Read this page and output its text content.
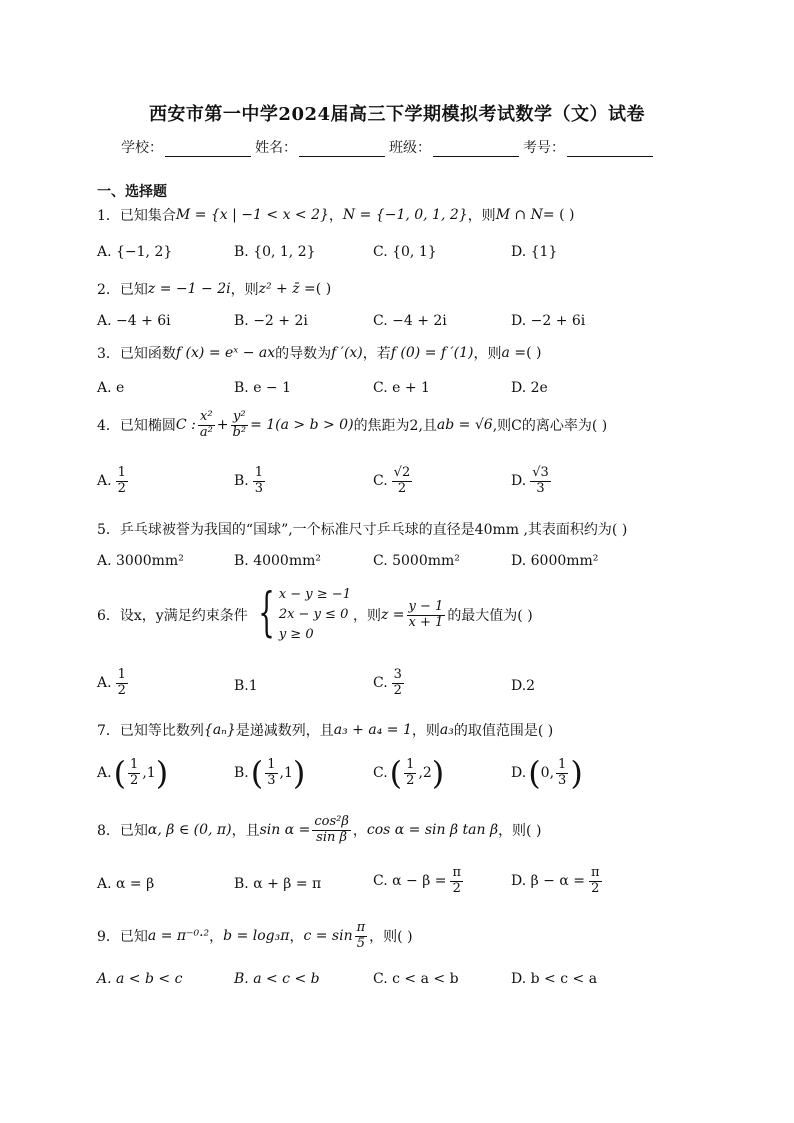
西安市第一中学2024届高三下学期模拟考试数学（文）试卷
学校：	姓名：	班级：	考号：
一、选择题
1．已知集合 M = {x | −1 < x < 2} ， N = {−1, 0, 1, 2} ，则 M ∩ N = ( )
A. {−1, 2}	B. {0, 1, 2}	C. {0, 1}	D. {1}
2．已知 z = −1 − 2i ，则 z² + z̄ = ( )
A. −4 + 6i	B. −2 + 2i	C. −4 + 2i	D. −2 + 6i
3．已知函数 f (x) = eˣ − ax 的导数为 f ′(x) ，若 f (0) = f ′(1) ，则 a = ( )
A. e	B. e − 1	C. e + 1	D. 2e
4．已知椭圆 C : $\frac{\text{x²}}{\text{a²}} + \frac{\text{y²}}{\text{b²}} = 1(a > b > 0)$ 的焦距为2,且 ab = √6 ,则C的离心率为( )
A. $\frac{1}{2}$	B. $\frac{1}{3}$	C. $\frac{√2}{2}$	D. $\frac{√3}{3}$
5．乒乓球被誉为我国的“国球”,一个标准尺寸乒乓球的直径是40mm ,其表面积约为( )
A. 3000mm²	B. 4000mm²	C. 5000mm²	D. 6000mm²
6．设x，y满足约束条件 { x − y ≥ −1
2x − y ≤ 0
y ≥ 0
，则 $z = \frac{y - 1}{x + 1}$ 的最大值为( )
A. $\frac{1}{2}$	B.1	C. $\frac{3}{2}$	D.2
7．已知等比数列 {aₙ} 是递减数列，且 a₃ + a₄ = 1 ，则 a₃ 的取值范围是( )
A. ( $\frac{1}{2} ,1$ )	B. ( $\frac{1}{3} ,1$ )	C. ( $\frac{1}{2} ,2$ )	D. ( 0, $\frac{1}{3}$ )
8．已知 α, β ∈ (0, π) ，且 $\sin \alpha = \frac{\text{cos²β}}{\text{sin β}}$ ， cos α = sin β tan β ，则( )
A. α = β	B. α + β = π	C. $\alpha - \beta = \frac{\pi}{2}$	D. $\beta - \alpha = \frac{\pi}{2}$
9．已知 a = π⁻⁰·² ， b = log₃π ， $c = \sin \frac{\pi}{5}$ ，则( )
A. a < b < c	B. a < c < b	C. c < a < b	D. b < c < a
